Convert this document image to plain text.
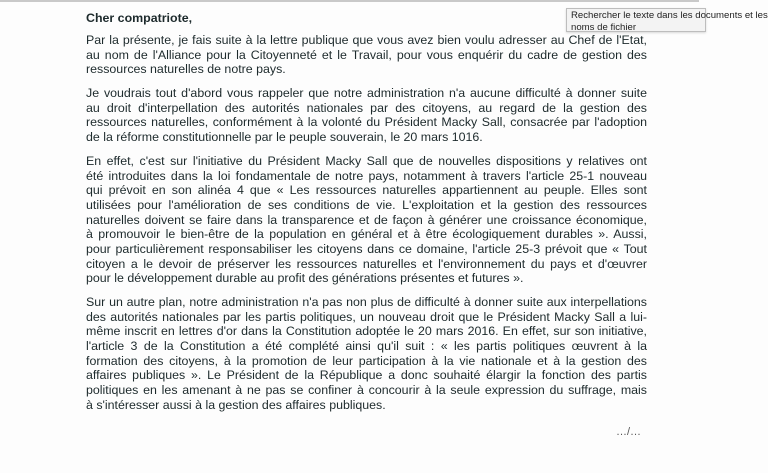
Cher compatriote,
Par la présente, je fais suite à la lettre publique que vous avez bien voulu adresser au Chef de l'Etat,
au nom de l'Alliance pour la Citoyenneté et le Travail, pour vous enquérir du cadre de gestion des
ressources naturelles de notre pays.
Je voudrais tout d'abord vous rappeler que notre administration n'a aucune difficulté à donner suite
au droit d'interpellation des autorités nationales par des citoyens, au regard de la gestion des
ressources naturelles, conformément à la volonté du Président Macky Sall, consacrée par l'adoption
de la réforme constitutionnelle par le peuple souverain, le 20 mars 1016.
En effet, c'est sur l'initiative du Président Macky Sall que de nouvelles dispositions y relatives ont
été introduites dans la loi fondamentale de notre pays, notamment à travers l'article 25-1 nouveau
qui prévoit en son alinéa 4 que « Les ressources naturelles appartiennent au peuple. Elles sont
utilisées pour l'amélioration de ses conditions de vie. L'exploitation et la gestion des ressources
naturelles doivent se faire dans la transparence et de façon à générer une croissance économique,
à promouvoir le bien-être de la population en général et à être écologiquement durables ». Aussi,
pour particulièrement responsabiliser les citoyens dans ce domaine, l'article 25-3 prévoit que « Tout
citoyen a le devoir de préserver les ressources naturelles et l'environnement du pays et d'œuvrer
pour le développement durable au profit des générations présentes et futures ».
Sur un autre plan, notre administration n'a pas non plus de difficulté à donner suite aux interpellations
des autorités nationales par les partis politiques, un nouveau droit que le Président Macky Sall a lui-
même inscrit en lettres d'or dans la Constitution adoptée le 20 mars 2016. En effet, sur son initiative,
l'article 3 de la Constitution a été complété ainsi qu'il suit : « les partis politiques œuvrent à la
formation des citoyens, à la promotion de leur participation à la vie nationale et à la gestion des
affaires publiques ». Le Président de la République a donc souhaité élargir la fonction des partis
politiques en les amenant à ne pas se confiner à concourir à la seule expression du suffrage, mais
à s'intéresser aussi à la gestion des affaires publiques.
…/…
Rechercher le texte dans les documents et les
noms de fichier
